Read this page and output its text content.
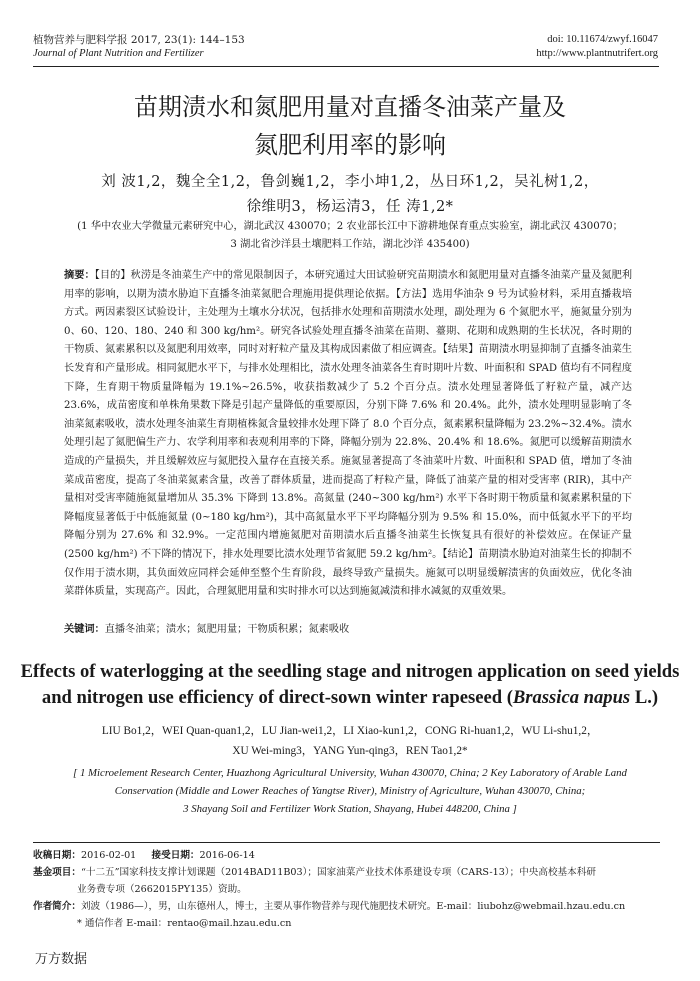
植物营养与肥料学报 2017, 23(1): 144–153
Journal of Plant Nutrition and Fertilizer
doi: 10.11674/zwyf.16047
http://www.plantnutrifert.org
苗期渍水和氮肥用量对直播冬油菜产量及
氮肥利用率的影响
刘 波1,2，魏全全1,2，鲁剑巍1,2，李小坤1,2，丛日环1,2，吴礼树1,2，
徐维明3，杨运清3，任 涛1,2*
(1 华中农业大学微量元素研究中心，湖北武汉 430070；2 农业部长江中下游耕地保育重点实验室，湖北武汉 430070；
3 湖北省沙洋县土壤肥料工作站，湖北沙洋 435400)
摘要：【目的】秋涝是冬油菜生产中的常见限制因子，本研究通过大田试验研究苗期渍水和氮肥用量对直播冬油菜产量及氮肥利用率的影响，以期为渍水胁迫下直播冬油菜氮肥合理施用提供理论依据。【方法】选用华油杂 9 号为试验材料，采用直播栽培方式。两因素裂区试验设计，主处理为土壤水分状况，包括排水处理和苗期渍水处理，副处理为 6 个氮肥水平，施氮量分别为 0、60、120、180、240 和 300 kg/hm²。研究各试验处理直播冬油菜在苗期、薹期、花期和成熟期的生长状况，各时期的干物质、氮素累积以及氮肥利用效率，同时对籽粒产量及其构成因素做了相应调查。【结果】苗期渍水明显抑制了直播冬油菜生长发育和产量形成。相同氮肥水平下，与排水处理相比，渍水处理冬油菜各生育时期叶片数、叶面积和 SPAD 值均有不同程度下降，生育期干物质量降幅为 19.1%~26.5%，收获指数减少了 5.2 个百分点。渍水处理显著降低了籽粒产量，减产达 23.6%，成苗密度和单株角果数下降是引起产量降低的重要原因，分别下降 7.6% 和 20.4%。此外，渍水处理明显影响了冬油菜氮素吸收，渍水处理冬油菜生育期植株氮含量较排水处理下降了 8.0 个百分点，氮素累积量降幅为 23.2%~32.4%。渍水处理引起了氮肥偏生产力、农学利用率和表观利用率的下降，降幅分别为 22.8%、20.4% 和 18.6%。氮肥可以缓解苗期渍水造成的产量损失，并且缓解效应与氮肥投入量存在直接关系。施氮显著提高了冬油菜叶片数、叶面积和 SPAD 值，增加了冬油菜成苗密度，提高了冬油菜氮素含量，改善了群体质量，进而提高了籽粒产量，降低了油菜产量的相对受害率 (RIR)，其中产量相对受害率随施氮量增加从 35.3% 下降到 13.8%。高氮量 (240~300 kg/hm²) 水平下各时期干物质量和氮素累积量的下降幅度显著低于中低施氮量 (0~180 kg/hm²)，其中高氮量水平下平均降幅分别为 9.5% 和 15.0%，而中低氮水平下的平均降幅分别为 27.6% 和 32.9%。一定范围内增施氮肥对苗期渍水后直播冬油菜生长恢复具有很好的补偿效应。在保证产量 (2500 kg/hm²) 不下降的情况下，排水处理要比渍水处理节省氮肥 59.2 kg/hm²。【结论】苗期渍水胁迫对油菜生长的抑制不仅作用于渍水期，其负面效应同样会延伸至整个生育阶段，最终导致产量损失。施氮可以明显缓解渍害的负面效应，优化冬油菜群体质量，实现高产。因此，合理氮肥用量和实时排水可以达到施氮减渍和排水减氮的双重效果。
关键词：直播冬油菜；渍水；氮肥用量；干物质积累；氮素吸收
Effects of waterlogging at the seedling stage and nitrogen application on seed yields
and nitrogen use efficiency of direct-sown winter rapeseed (Brassica napus L.)
LIU Bo1,2，WEI Quan-quan1,2，LU Jian-wei1,2，LI Xiao-kun1,2，CONG Ri-huan1,2，WU Li-shu1,2，
XU Wei-ming3，YANG Yun-qing3，REN Tao1,2*
[ 1 Microelement Research Center, Huazhong Agricultural University, Wuhan 430070, China; 2 Key Laboratory of Arable Land
Conservation (Middle and Lower Reaches of Yangtse River), Ministry of Agriculture, Wuhan 430070, China;
3 Shayang Soil and Fertilizer Work Station, Shayang, Hubei 448200, China ]
收稿日期：2016-02-01 接受日期：2016-06-14
基金项目：“十二五”国家科技支撑计划课题（2014BAD11B03）；国家油菜产业技术体系建设专项（CARS-13）；中央高校基本科研
业务费专项（2662015PY135）资助。
作者简介：刘波（1986—），男，山东德州人，博士，主要从事作物营养与现代施肥技术研究。E-mail：liubohz@webmail.hzau.edu.cn
* 通信作者 E-mail：rentao@mail.hzau.edu.cn
万方数据
